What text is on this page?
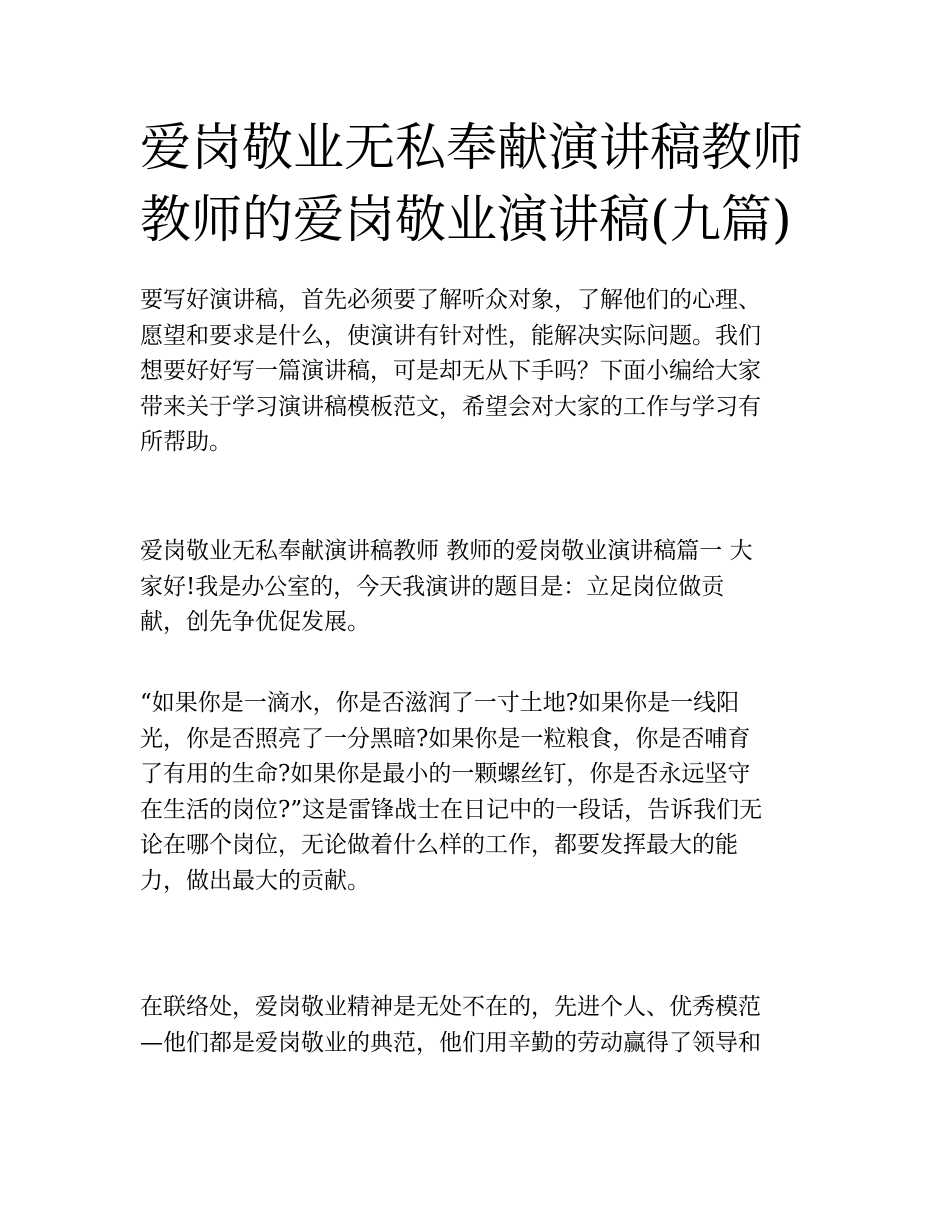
爱岗敬业无私奉献演讲稿教师
教师的爱岗敬业演讲稿(九篇)

要写好演讲稿，首先必须要了解听众对象，了解他们的心理、
愿望和要求是什么，使演讲有针对性，能解决实际问题。我们
想要好好写一篇演讲稿，可是却无从下手吗？下面小编给大家
带来关于学习演讲稿模板范文，希望会对大家的工作与学习有
所帮助。

爱岗敬业无私奉献演讲稿教师 教师的爱岗敬业演讲稿篇一 大
家好!我是办公室的，今天我演讲的题目是：立足岗位做贡
献，创先争优促发展。

“如果你是一滴水，你是否滋润了一寸土地?如果你是一线阳
光，你是否照亮了一分黑暗?如果你是一粒粮食，你是否哺育
了有用的生命?如果你是最小的一颗螺丝钉，你是否永远坚守
在生活的岗位?”这是雷锋战士在日记中的一段话，告诉我们无
论在哪个岗位，无论做着什么样的工作，都要发挥最大的能
力，做出最大的贡献。

在联络处，爱岗敬业精神是无处不在的，先进个人、优秀模范
—他们都是爱岗敬业的典范，他们用辛勤的劳动赢得了领导和
